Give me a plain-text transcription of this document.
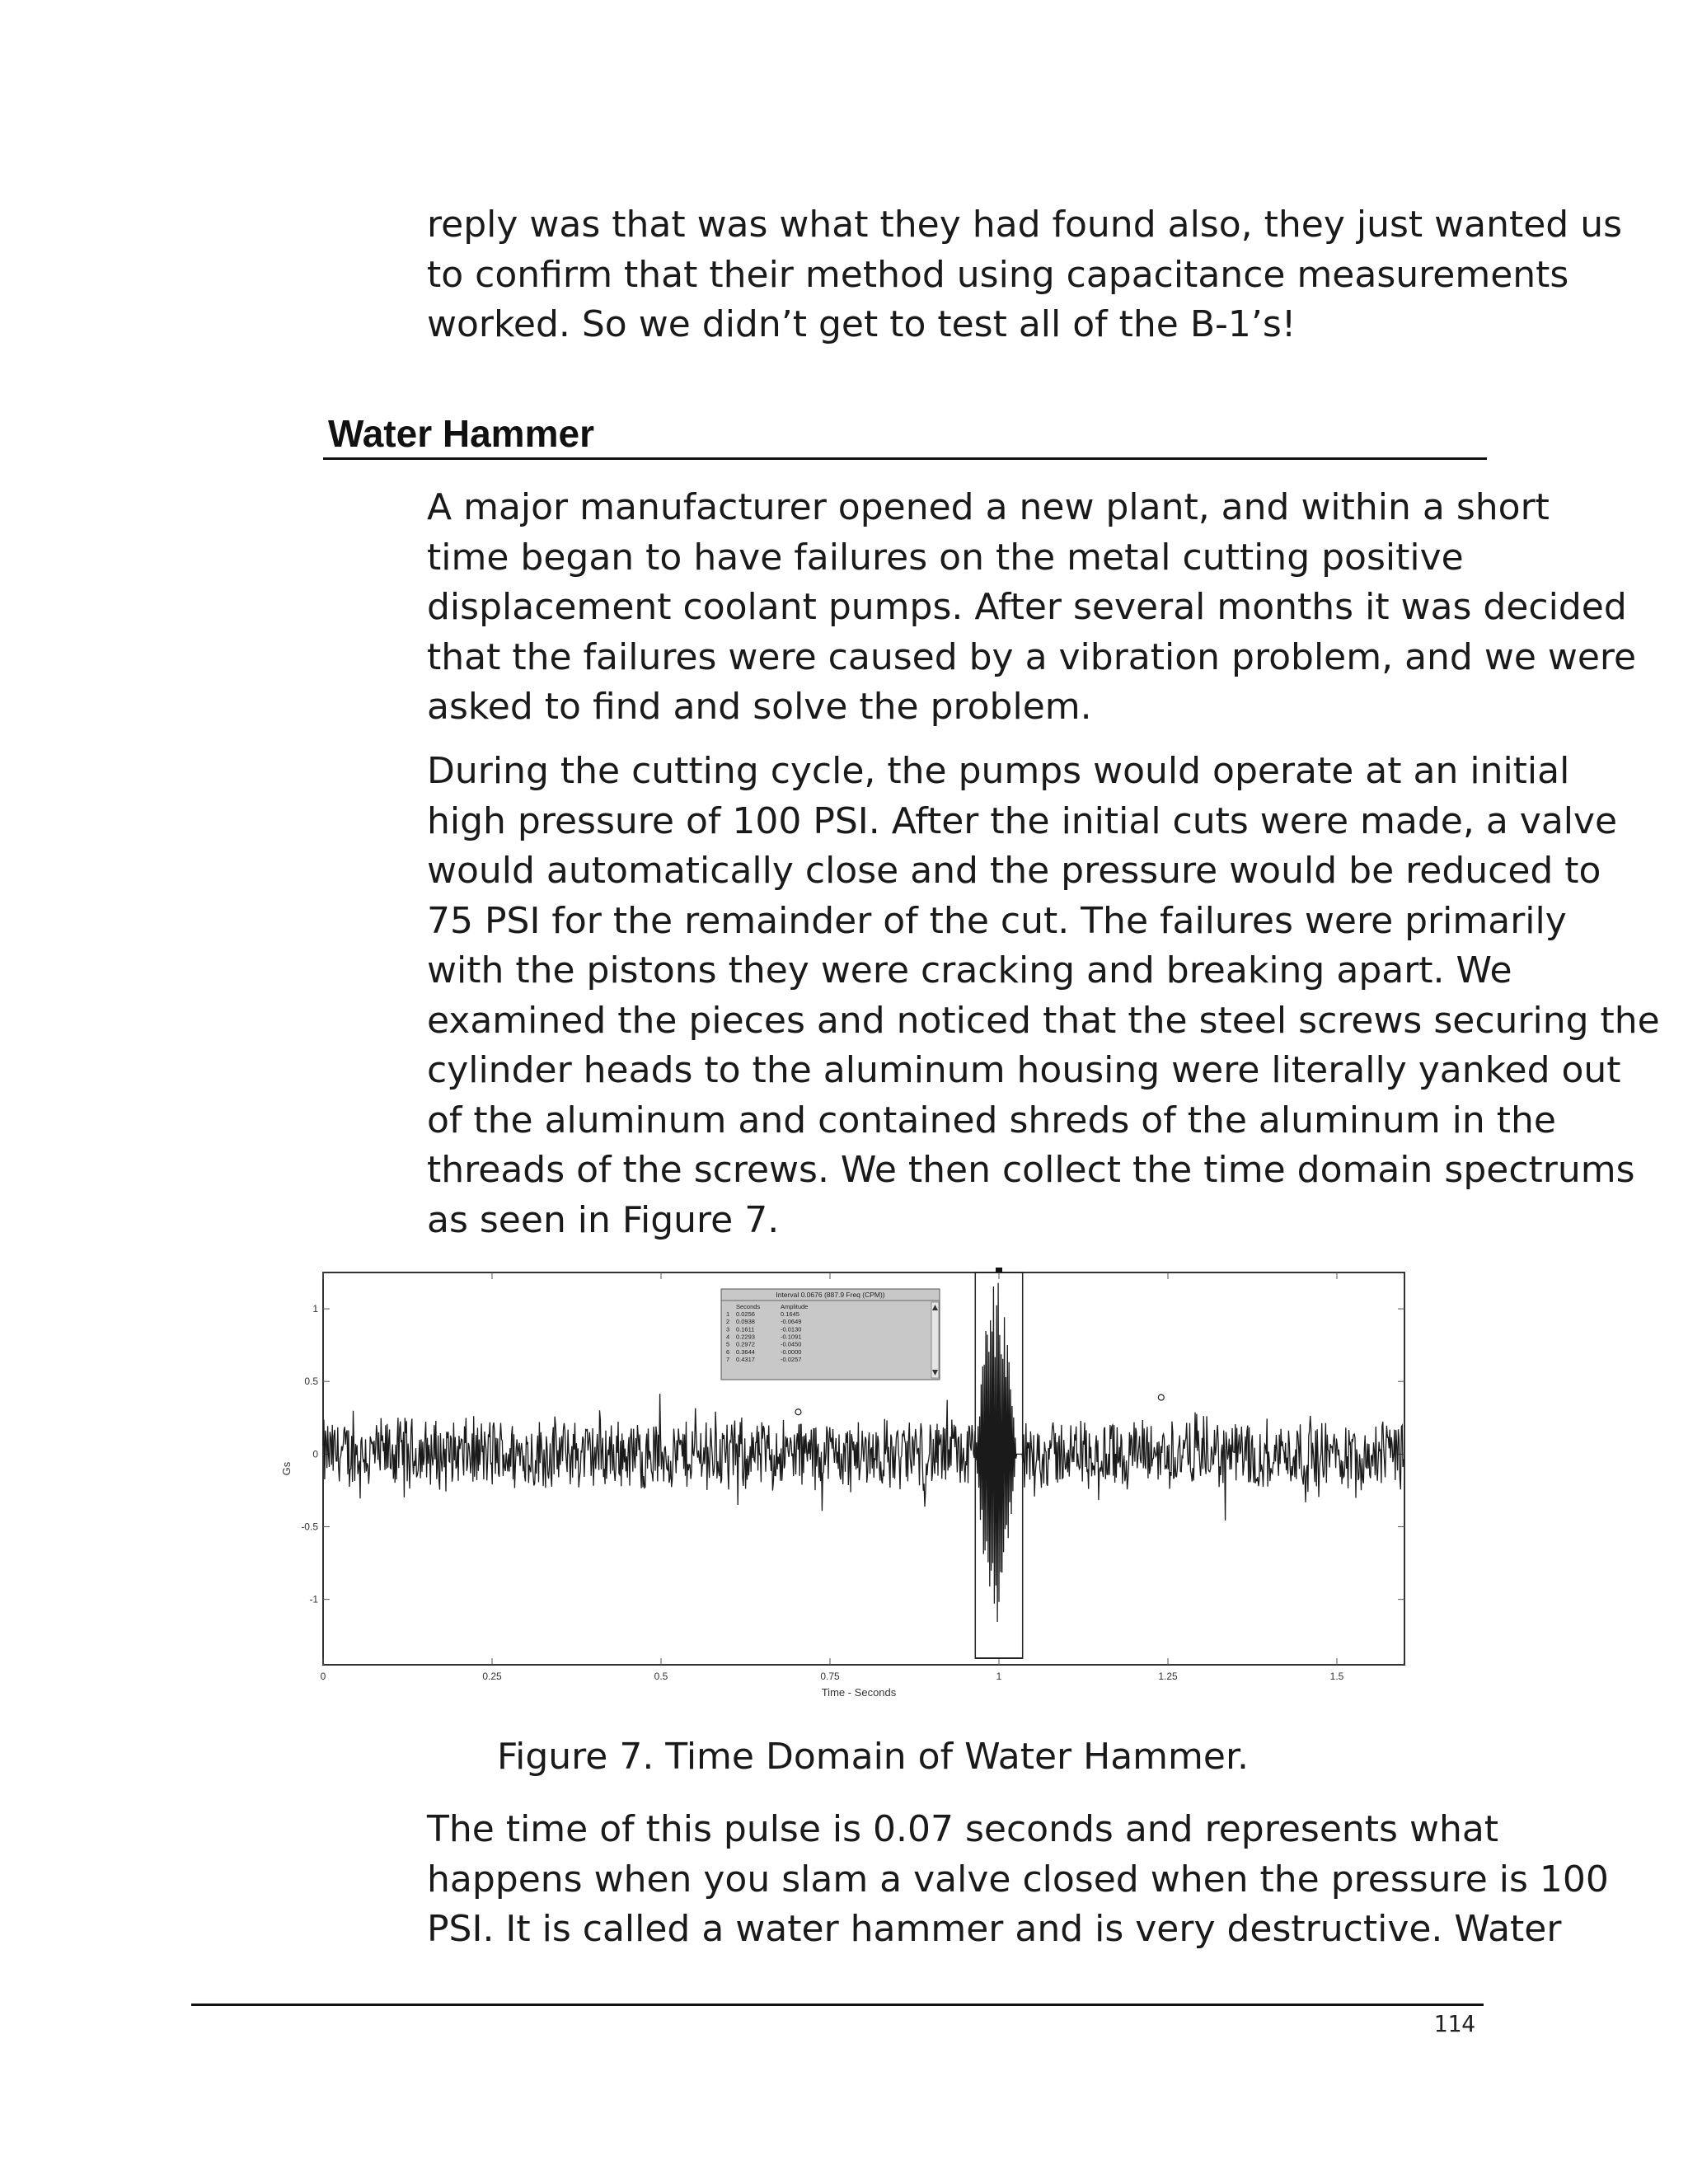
reply was that was what they had found also, they just wanted us
to confirm that their method using capacitance measurements
worked. So we didn’t get to test all of the B-1’s!
Water Hammer
A major manufacturer opened a new plant, and within a short
time began to have failures on the metal cutting positive
displacement coolant pumps. After several months it was decided
that the failures were caused by a vibration problem, and we were
asked to find and solve the problem.
During the cutting cycle, the pumps would operate at an initial
high pressure of 100 PSI. After the initial cuts were made, a valve
would automatically close and the pressure would be reduced to
75 PSI for the remainder of the cut. The failures were primarily
with the pistons they were cracking and breaking apart. We
examined the pieces and noticed that the steel screws securing the
cylinder heads to the aluminum housing were literally yanked out
of the aluminum and contained shreds of the aluminum in the
threads of the screws. We then collect the time domain spectrums
as seen in Figure 7.
0	0.25	0.5	0.75	1	1.25	1.5
1
0.5
0
-0.5
-1
Time - Seconds
Gs
Interval 0.0676 (887.9 Freq (CPM))
Seconds	Amplitude
1 0.0256	0.1645
2 0.0938	-0.0649
3 0.1611	-0.0130
4 0.2293	-0.1091
5 0.2972	-0.0450
6 0.3644	-0.0000
7 0.4317	-0.0257

Figure 7. Time Domain of Water Hammer.

The time of this pulse is 0.07 seconds and represents what
happens when you slam a valve closed when the pressure is 100
PSI. It is called a water hammer and is very destructive. Water
114
